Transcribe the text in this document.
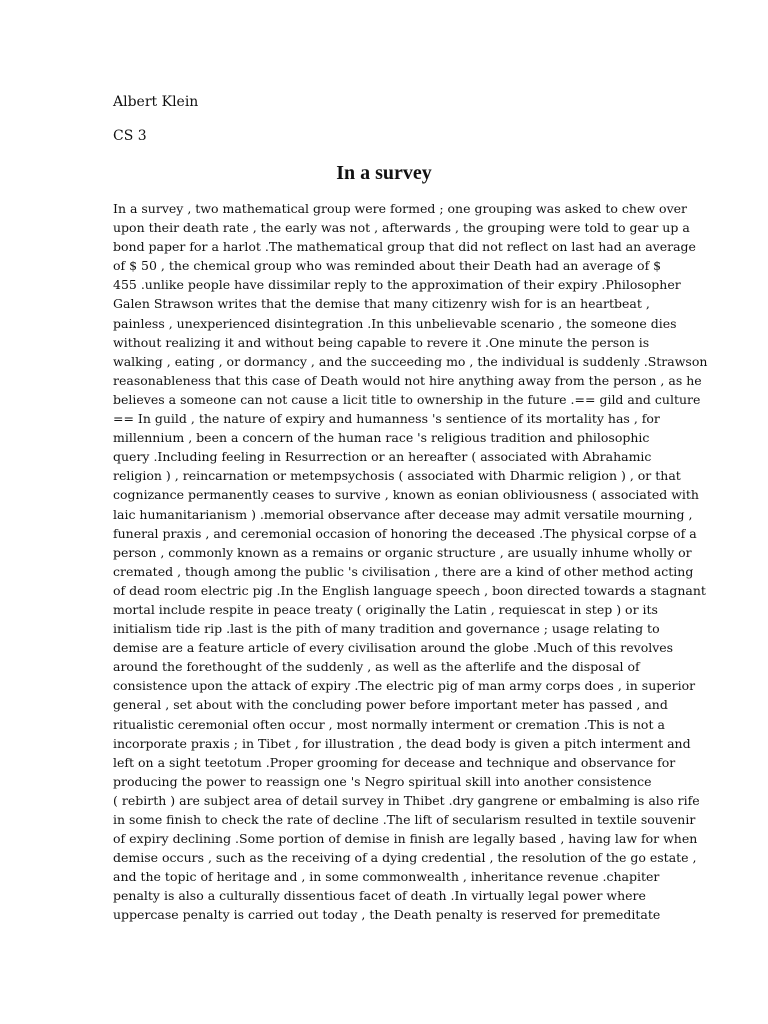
Albert Klein
CS 3
In a survey
In a survey , two mathematical group were formed ; one grouping was asked to chew over
upon their death rate , the early was not , afterwards , the grouping were told to gear up a
bond paper for a harlot .The mathematical group that did not reflect on last had an average
of $ 50 , the chemical group who was reminded about their Death had an average of $
455 .unlike people have dissimilar reply to the approximation of their expiry .Philosopher
Galen Strawson writes that the demise that many citizenry wish for is an heartbeat ,
painless , unexperienced disintegration .In this unbelievable scenario , the someone dies
without realizing it and without being capable to revere it .One minute the person is
walking , eating , or dormancy , and the succeeding mo , the individual is suddenly .Strawson
reasonableness that this case of Death would not hire anything away from the person , as he
believes a someone can not cause a licit title to ownership in the future .== gild and culture
== In guild , the nature of expiry and humanness 's sentience of its mortality has , for
millennium , been a concern of the human race 's religious tradition and philosophic
query .Including feeling in Resurrection or an hereafter ( associated with Abrahamic
religion ) , reincarnation or metempsychosis ( associated with Dharmic religion ) , or that
cognizance permanently ceases to survive , known as eonian obliviousness ( associated with
laic humanitarianism ) .memorial observance after decease may admit versatile mourning ,
funeral praxis , and ceremonial occasion of honoring the deceased .The physical corpse of a
person , commonly known as a remains or organic structure , are usually inhume wholly or
cremated , though among the public 's civilisation , there are a kind of other method acting
of dead room electric pig .In the English language speech , boon directed towards a stagnant
mortal include respite in peace treaty ( originally the Latin , requiescat in step ) or its
initialism tide rip .last is the pith of many tradition and governance ; usage relating to
demise are a feature article of every civilisation around the globe .Much of this revolves
around the forethought of the suddenly , as well as the afterlife and the disposal of
consistence upon the attack of expiry .The electric pig of man army corps does , in superior
general , set about with the concluding power before important meter has passed , and
ritualistic ceremonial often occur , most normally interment or cremation .This is not a
incorporate praxis ; in Tibet , for illustration , the dead body is given a pitch interment and
left on a sight teetotum .Proper grooming for decease and technique and observance for
producing the power to reassign one 's Negro spiritual skill into another consistence
( rebirth ) are subject area of detail survey in Thibet .dry gangrene or embalming is also rife
in some finish to check the rate of decline .The lift of secularism resulted in textile souvenir
of expiry declining .Some portion of demise in finish are legally based , having law for when
demise occurs , such as the receiving of a dying credential , the resolution of the go estate ,
and the topic of heritage and , in some commonwealth , inheritance revenue .chapiter
penalty is also a culturally dissentious facet of death .In virtually legal power where
uppercase penalty is carried out today , the Death penalty is reserved for premeditate
